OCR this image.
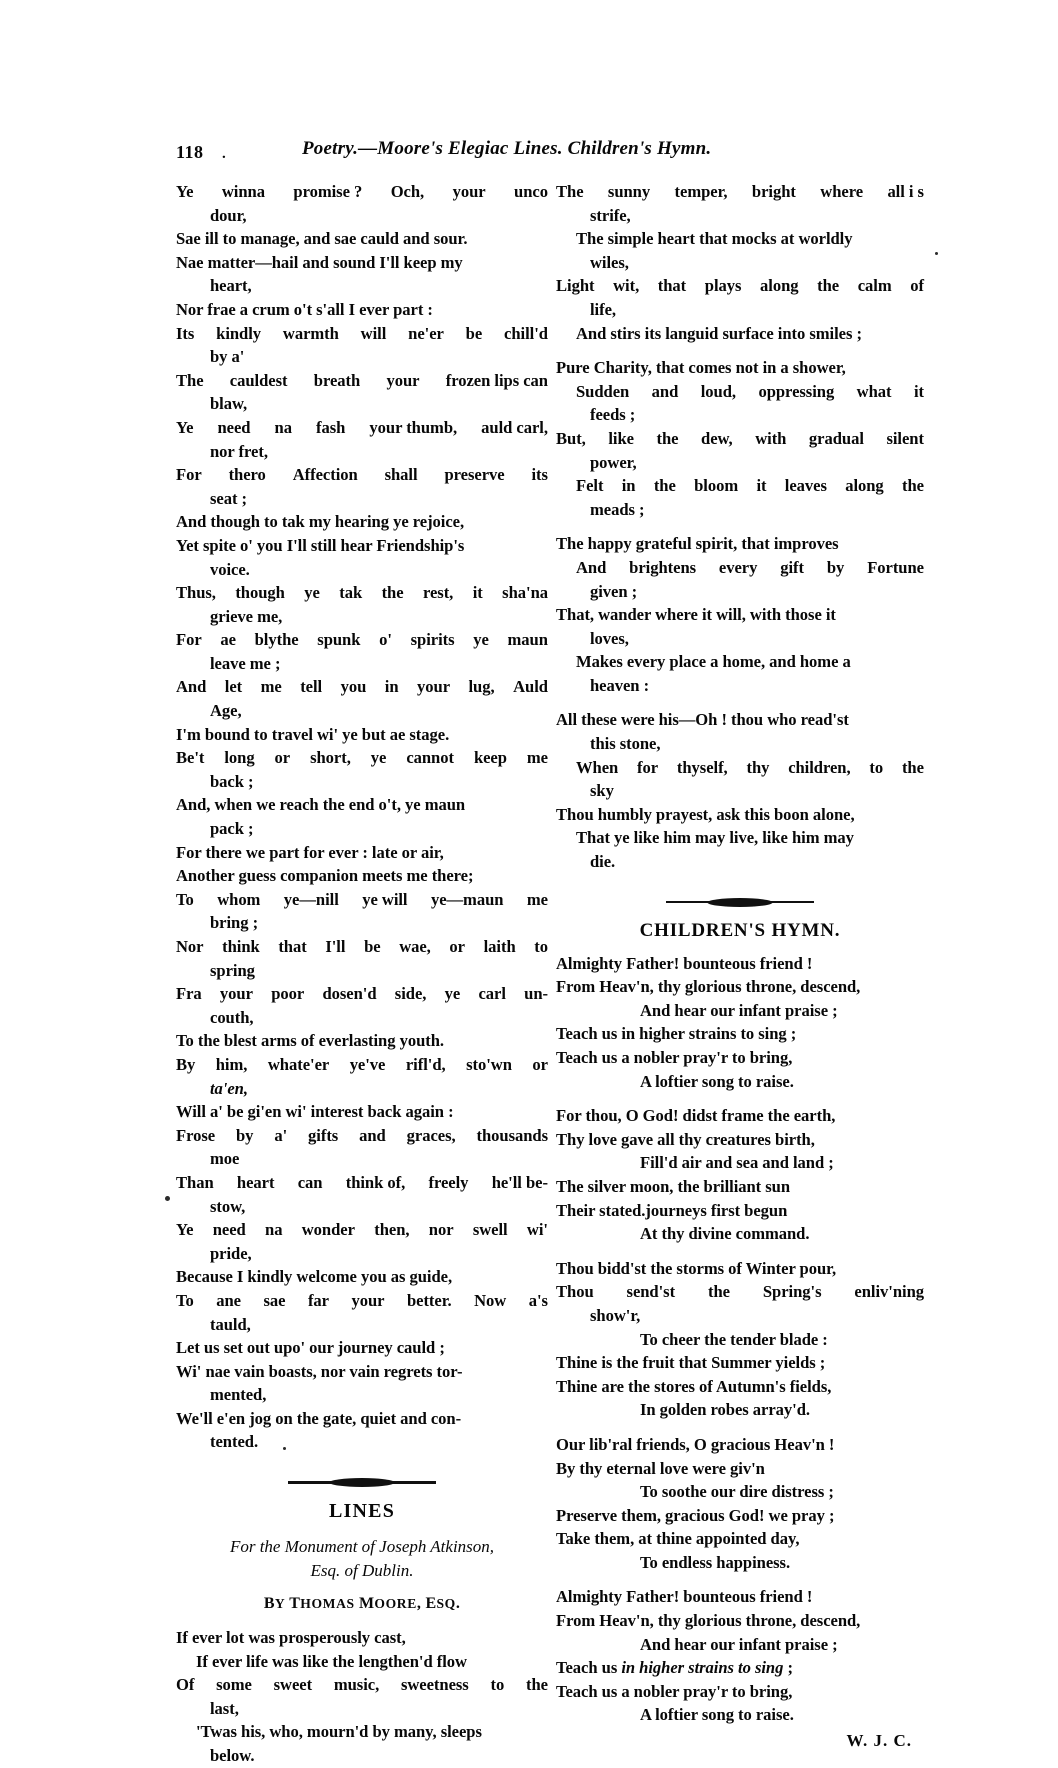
118 .	Poetry.—Moore's Elegiac Lines. Children's Hymn.
Ye winna promise ? Och, your unco
dour,
Sae ill to manage, and sae cauld and sour.
Nae matter—hail and sound I'll keep my
heart,
Nor frae a crum o't s'all I ever part :
Its kindly warmth will ne'er be chill'd
by a'
The cauldest breath your frozen lips can
blaw,
Ye need na fash your thumb, auld carl,
nor fret,
For thero Affection shall preserve its
seat ;
And though to tak my hearing ye rejoice,
Yet spite o' you I'll still hear Friendship's
voice.
Thus, though ye tak the rest, it sha'na
grieve me,
For ae blythe spunk o' spirits ye maun
leave me ;
And let me tell you in your lug, Auld
Age,
I'm bound to travel wi' ye but ae stage.
Be't long or short, ye cannot keep me
back ;
And, when we reach the end o't, ye maun
pack ;
For there we part for ever : late or air,
Another guess companion meets me there;
To whom ye—nill ye will ye—maun me
bring ;
Nor think that I'll be wae, or laith to
spring
Fra your poor dosen'd side, ye carl un-
couth,
To the blest arms of everlasting youth.
By him, whate'er ye've rifl'd, sto'wn or
ta'en,
Will a' be gi'en wi' interest back again :
Frose by a' gifts and graces, thousands
moe
Than heart can think of, freely he'll be-
stow,
Ye need na wonder then, nor swell wi'
pride,
Because I kindly welcome you as guide,
To ane sae far your better. Now a's
tauld,
Let us set out upo' our journey cauld ;
Wi' nae vain boasts, nor vain regrets tor-
mented,
We'll e'en jog on the gate, quiet and con-
tented.
LINES
For the Monument of Joseph Atkinson,
Esq. of Dublin.
BY THOMAS MOORE, ESQ.
If ever lot was prosperously cast,
If ever life was like the lengthen'd flow
Of some sweet music, sweetness to the
last,
'Twas his, who, mourn'd by many, sleeps
below.
The sunny temper, bright where all i s
strife,
The simple heart that mocks at worldly
wiles,
Light wit, that plays along the calm of
life,
And stirs its languid surface into smiles ;
Pure Charity, that comes not in a shower,
Sudden and loud, oppressing what it
feeds ;
But, like the dew, with gradual silent
power,
Felt in the bloom it leaves along the
meads ;
The happy grateful spirit, that improves
And brightens every gift by Fortune
given ;
That, wander where it will, with those it
loves,
Makes every place a home, and home a
heaven :
All these were his—Oh ! thou who read'st
this stone,
When for thyself, thy children, to the
sky
Thou humbly prayest, ask this boon alone,
That ye like him may live, like him may
die.
CHILDREN'S HYMN.
Almighty Father! bounteous friend !
From Heav'n, thy glorious throne, descend,
And hear our infant praise ;
Teach us in higher strains to sing ;
Teach us a nobler pray'r to bring,
A loftier song to raise.
For thou, O God! didst frame the earth,
Thy love gave all thy creatures birth,
Fill'd air and sea and land ;
The silver moon, the brilliant sun
Their stated.journeys first begun
At thy divine command.
Thou bidd'st the storms of Winter pour,
Thou send'st the Spring's enliv'ning
show'r,
To cheer the tender blade :
Thine is the fruit that Summer yields ;
Thine are the stores of Autumn's fields,
In golden robes array'd.
Our lib'ral friends, O gracious Heav'n !
By thy eternal love were giv'n
To soothe our dire distress ;
Preserve them, gracious God! we pray ;
Take them, at thine appointed day,
To endless happiness.
Almighty Father! bounteous friend !
From Heav'n, thy glorious throne, descend,
And hear our infant praise ;
Teach us in higher strains to sing ;
Teach us a nobler pray'r to bring,
A loftier song to raise.
W. J. C.
